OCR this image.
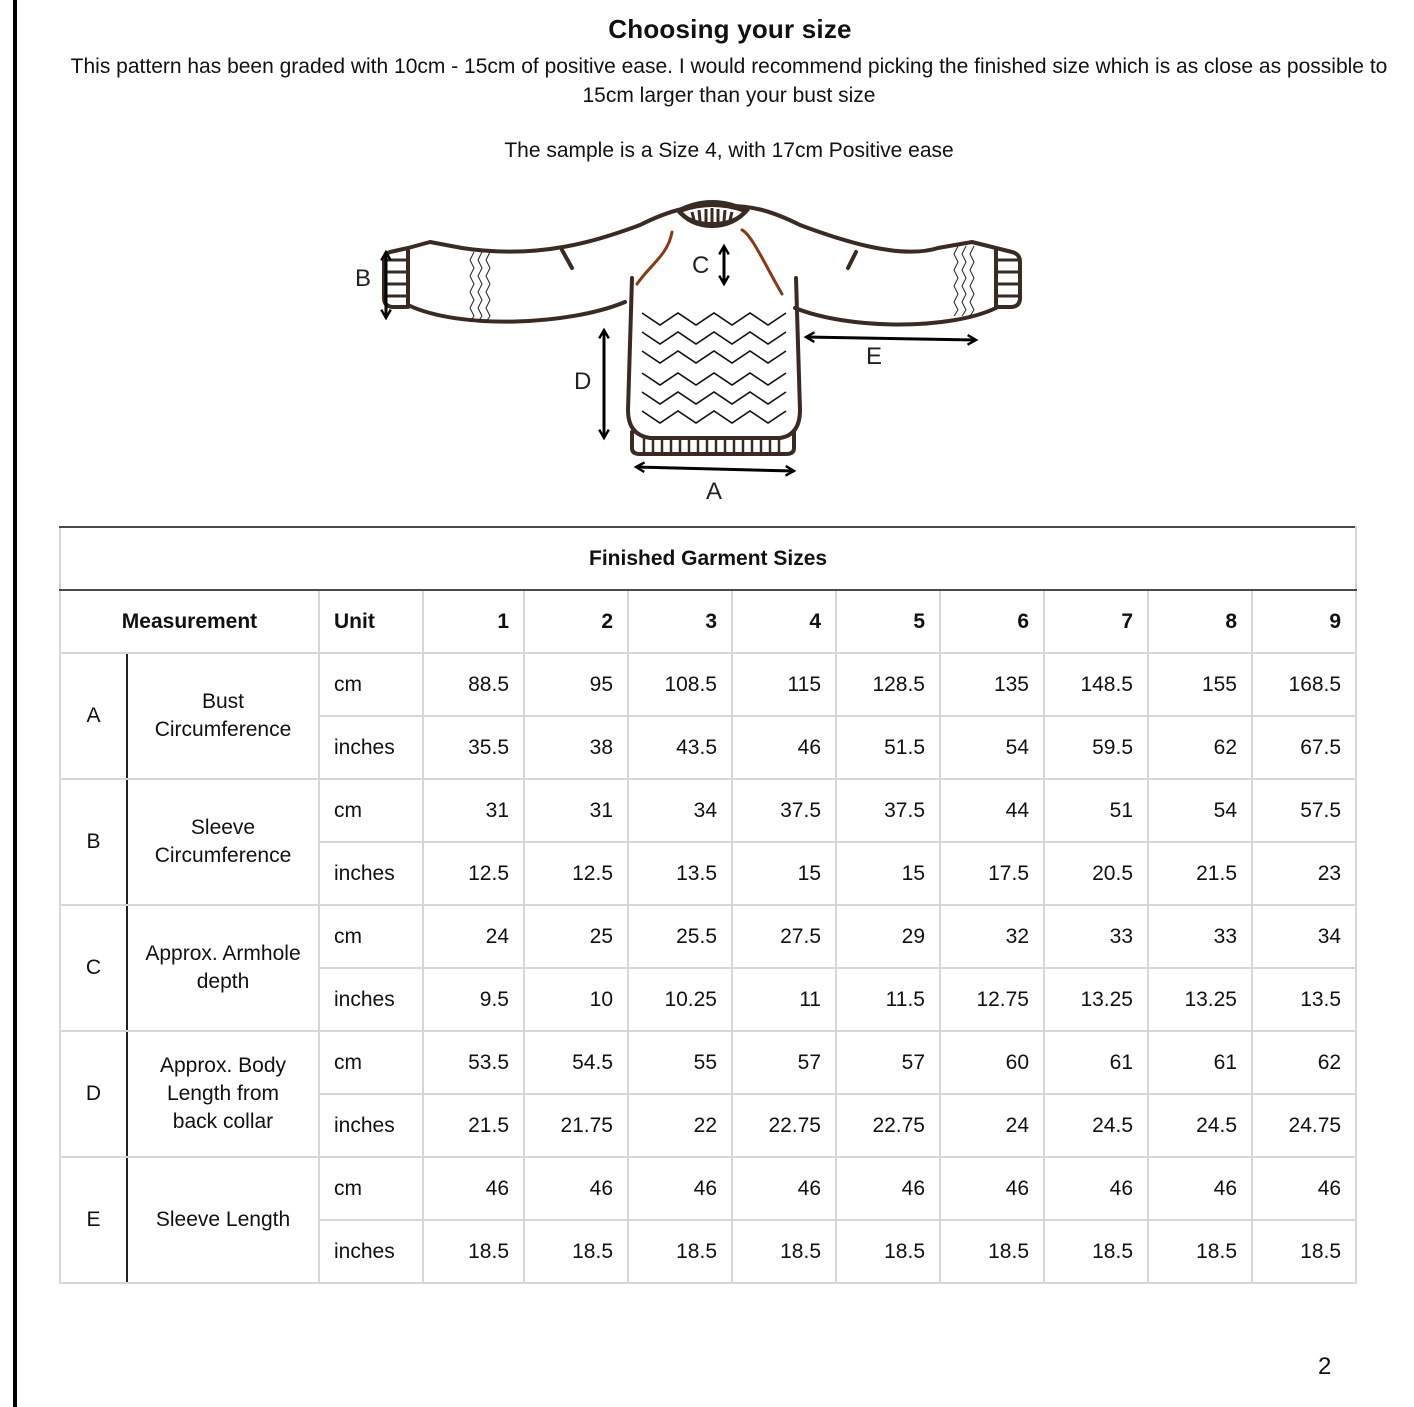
Choosing your size
This pattern has been graded with 10cm - 15cm of positive ease. I would recommend picking the finished size which is as close as possible to 15cm larger than your bust size
The sample is a Size 4, with 17cm Positive ease
B	C
D
E
A
Finished Garment Sizes											
Measurement		Unit	1	2	3	4	5	6	7	8	9
A	Bust Circumference	cm	88.5	95	108.5	115	128.5	135	148.5	155	168.5
		inches	35.5	38	43.5	46	51.5	54	59.5	62	67.5
B	Sleeve Circumference	cm	31	31	34	37.5	37.5	44	51	54	57.5
		inches	12.5	12.5	13.5	15	15	17.5	20.5	21.5	23
C	Approx. Armhole depth	cm	24	25	25.5	27.5	29	32	33	33	34
		inches	9.5	10	10.25	11	11.5	12.75	13.25	13.25	13.5
D	Approx. Body Length from back collar	cm	53.5	54.5	55	57	57	60	61	61	62
		inches	21.5	21.75	22	22.75	22.75	24	24.5	24.5	24.75
E	Sleeve Length	cm	46	46	46	46	46	46	46	46	46
		inches	18.5	18.5	18.5	18.5	18.5	18.5	18.5	18.5	18.5
2
